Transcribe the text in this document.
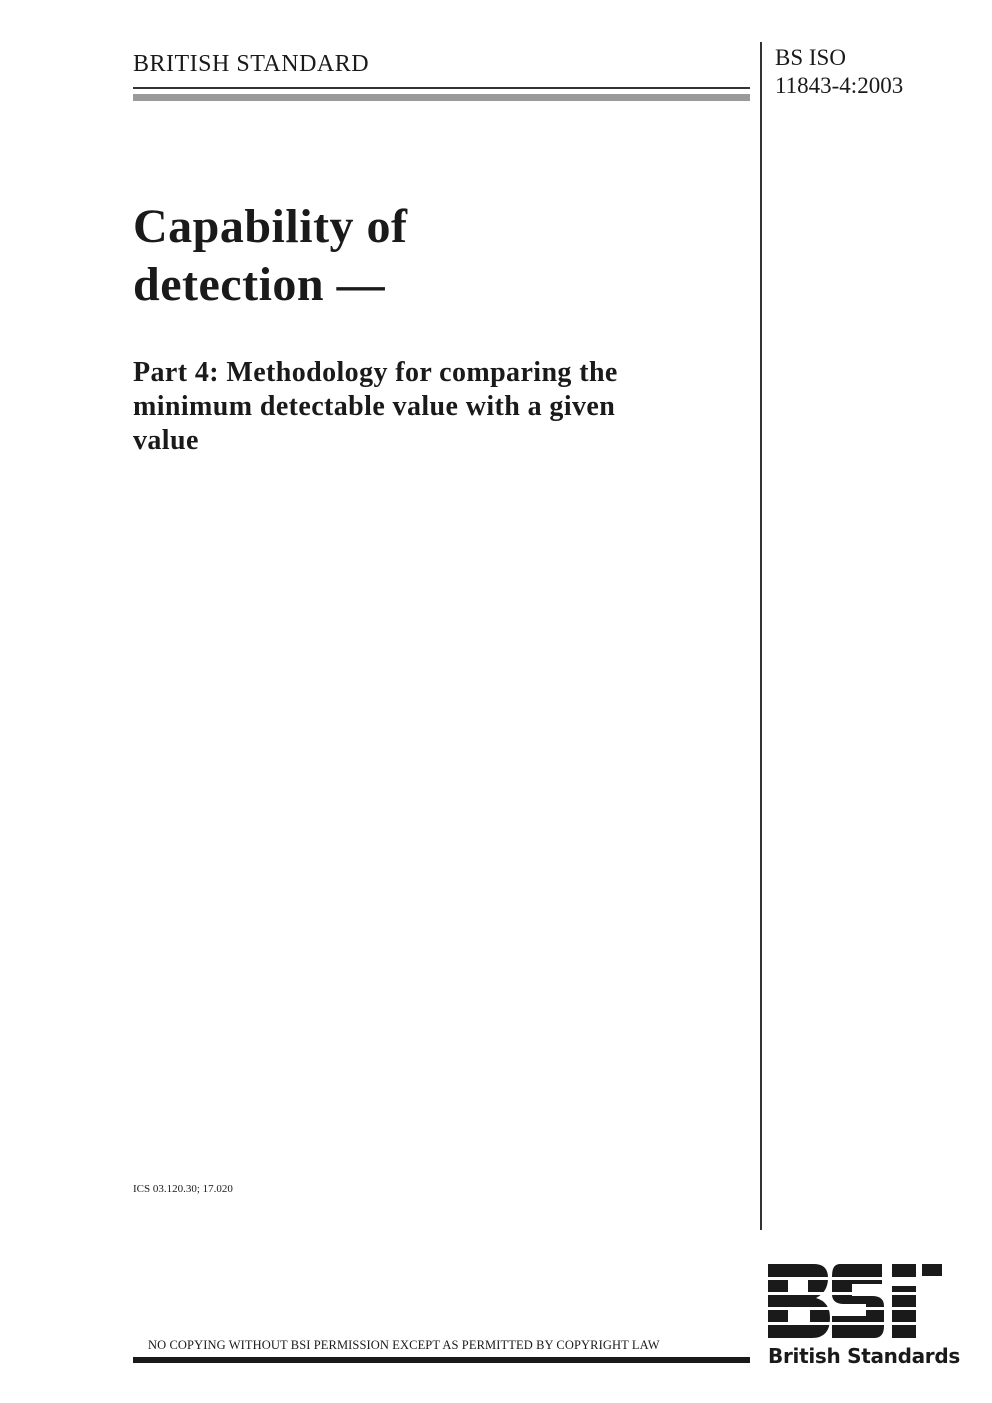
BRITISH STANDARD	BS ISO
11843-4:2003
Capability of
detection —
Part 4: Methodology for comparing the
minimum detectable value with a given
value
ICS 03.120.30; 17.020
NO COPYING WITHOUT BSI PERMISSION EXCEPT AS PERMITTED BY COPYRIGHT LAW	British Standards
